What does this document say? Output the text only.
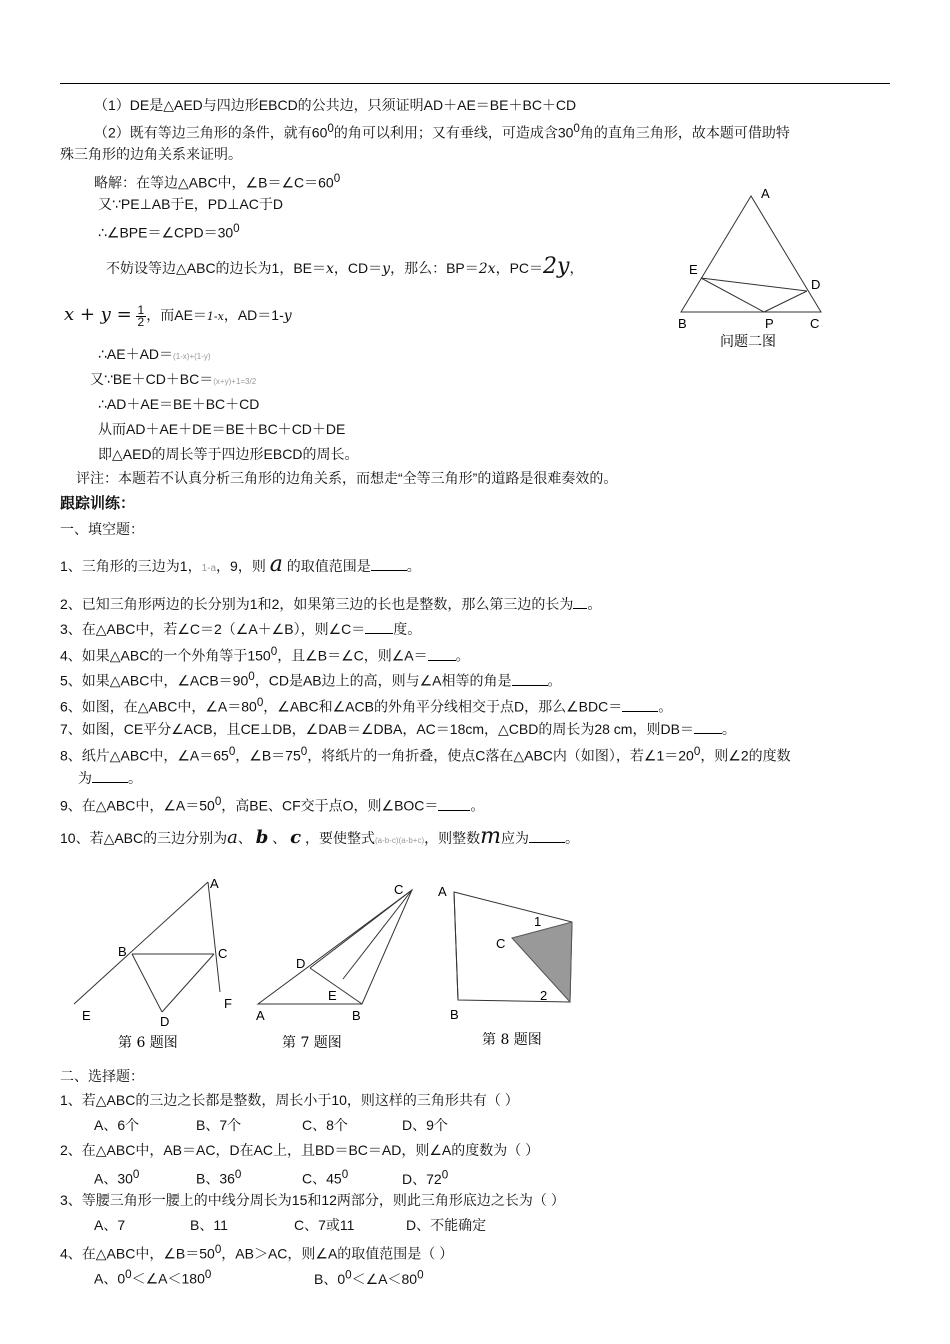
（1）DE是△AED与四边形EBCD的公共边，只须证明AD＋AE＝BE＋BC＋CD
（2）既有等边三角形的条件，就有$60^0$的角可以利用；又有垂线，可造成含$30^0$角的直角三角形，故本题可借助特
殊三角形的边角关系来证明。
略解：在等边△ABC中，$\angle B=\angle C=60^0$
又∵PE⊥AB于E，PD⊥AC于D
$\therefore\angle BPE=\angle CPD=30^0$
不妨设等边△ABC的边长为1，BE＝x，CD＝y，那么：BP＝2x，PC＝2y，
$x + y = \frac{1}{2}$ ，而AE＝1-x，AD＝1-y
∴AE＋AD＝(1-x)+(1-y)
又∵BE＋CD＋BC＝(x+y)+1=3/2
∴AD＋AE＝BE＋BC＋CD
从而AD＋AE＋DE＝BE＋BC＋CD＋DE
即△AED的周长等于四边形EBCD的周长。
评注：本题若不认真分析三角形的边角关系，而想走“全等三角形”的道路是很难奏效的。
A
E
D
B	P	C
问题二图
跟踪训练：
一、填空题：
1、三角形的三边为1，1-a，9，则 a 的取值范围是	。
2、已知三角形两边的长分别为1和2，如果第三边的长也是整数，那么第三边的长为 。
3、在△ABC中，若∠C＝2（∠A＋∠B），则∠C＝ 度。
4、如果△ABC的一个外角等于$150^0$，且∠B＝∠C，则∠A＝ 。
5、如果△ABC中，$\angle ACB=90^0$，CD是AB边上的高，则与∠A相等的角是	。
6、如图，在△ABC中，$\angle A=80^0$，∠ABC和∠ACB的外角平分线相交于点D，那么∠BDC＝	。
7、如图，CE平分∠ACB，且CE⊥DB，∠DAB＝∠DBA，AC＝18cm，△CBD的周长为28 cm，则DB＝ 。
8、纸片△ABC中，$\angle A=65^0$，$\angle B=75^0$，将纸片的一角折叠，使点C落在△ABC内（如图），若$\angle 1=20^0$，则∠2的度数
为	。
9、在△ABC中，$\angle A=50^0$，高BE、CF交于点O，则∠BOC＝ 。
10、若△ABC的三边分别为a、 b 、 c ，要使整式(a-b-c)(a-b+c)，则整数m应为	。
A
B	C
D
E
F
第 6 题图
C
D
E
A	B
第 7 题图
A
C
1
2
B
第 8 题图
二、选择题：
1、若△ABC的三边之长都是整数，周长小于10，则这样的三角形共有（ ）
A、6个	B、7个	C、8个	D、9个
2、在△ABC中，AB＝AC，D在AC上，且BD＝BC＝AD，则∠A的度数为（ ）
A、$30^0$	B、$36^0$	C、$45^0$	D、$72^0$
3、等腰三角形一腰上的中线分周长为15和12两部分，则此三角形底边之长为（ ）
A、7	B、11	C、7或11	D、不能确定
4、在△ABC中，$\angle B=50^0$，AB＞AC，则∠A的取值范围是（ ）
A、$0^0<\angle A<180^0$	B、$0^0<\angle A<80^0$
